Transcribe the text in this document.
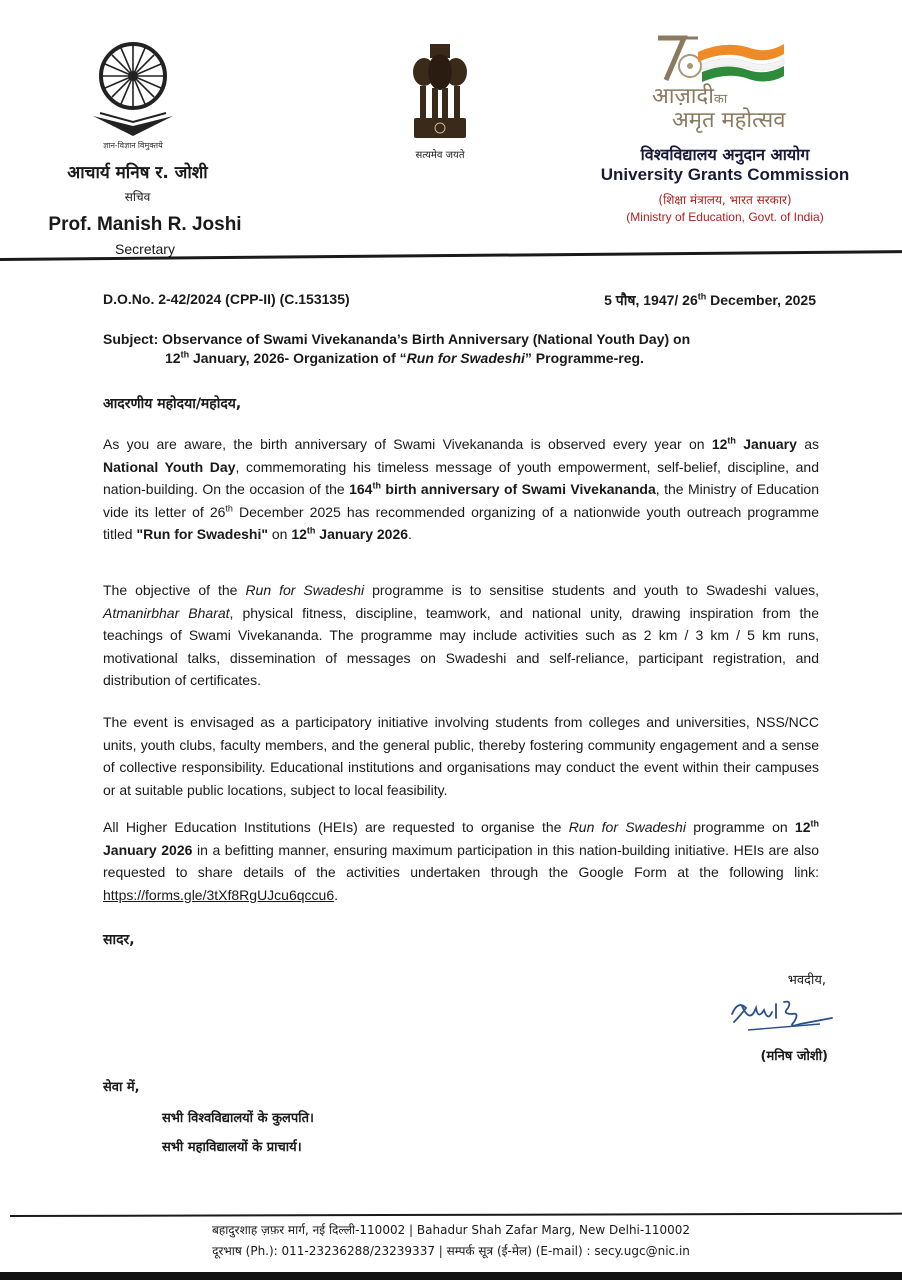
ज्ञान-विज्ञान विमुक्तये
आचार्य मनिष र. जोशी
सचिव
Prof. Manish R. Joshi
Secretary
सत्यमेव जयते
आज़ादीका
अमृत महोत्सव
विश्वविद्यालय अनुदान आयोग
University Grants Commission
(शिक्षा मंत्रालय, भारत सरकार)
(Ministry of Education, Govt. of India)
D.O.No. 2-42/2024 (CPP-II) (C.153135)	5 पौष, 1947/ 26th December, 2025
Subject: Observance of Swami Vivekananda’s Birth Anniversary (National Youth Day) on
12th January, 2026- Organization of “Run for Swadeshi” Programme-reg.
आदरणीय महोदया/महोदय,
As you are aware, the birth anniversary of Swami Vivekananda is observed every year on 12th January as National Youth Day, commemorating his timeless message of youth empowerment, self-belief, discipline, and nation-building. On the occasion of the 164th birth anniversary of Swami Vivekananda, the Ministry of Education vide its letter of 26th December 2025 has recommended organizing of a nationwide youth outreach programme titled "Run for Swadeshi" on 12th January 2026.
The objective of the Run for Swadeshi programme is to sensitise students and youth to Swadeshi values, Atmanirbhar Bharat, physical fitness, discipline, teamwork, and national unity, drawing inspiration from the teachings of Swami Vivekananda. The programme may include activities such as 2 km / 3 km / 5 km runs, motivational talks, dissemination of messages on Swadeshi and self-reliance, participant registration, and distribution of certificates.
The event is envisaged as a participatory initiative involving students from colleges and universities, NSS/NCC units, youth clubs, faculty members, and the general public, thereby fostering community engagement and a sense of collective responsibility. Educational institutions and organisations may conduct the event within their campuses or at suitable public locations, subject to local feasibility.
All Higher Education Institutions (HEIs) are requested to organise the Run for Swadeshi programme on 12th January 2026 in a befitting manner, ensuring maximum participation in this nation-building initiative. HEIs are also requested to share details of the activities undertaken through the Google Form at the following link: https://forms.gle/3tXf8RgUJcu6qccu6.
सादर,
भवदीय,
(मनिष जोशी)
सेवा में,
सभी विश्वविद्यालयों के कुलपति।
सभी महाविद्यालयों के प्राचार्य।
बहादुरशाह ज़फ़र मार्ग, नई दिल्ली-110002 | Bahadur Shah Zafar Marg, New Delhi-110002
दूरभाष (Ph.): 011-23236288/23239337 | सम्पर्क सूत्र (ई-मेल) (E-mail) : secy.ugc@nic.in
